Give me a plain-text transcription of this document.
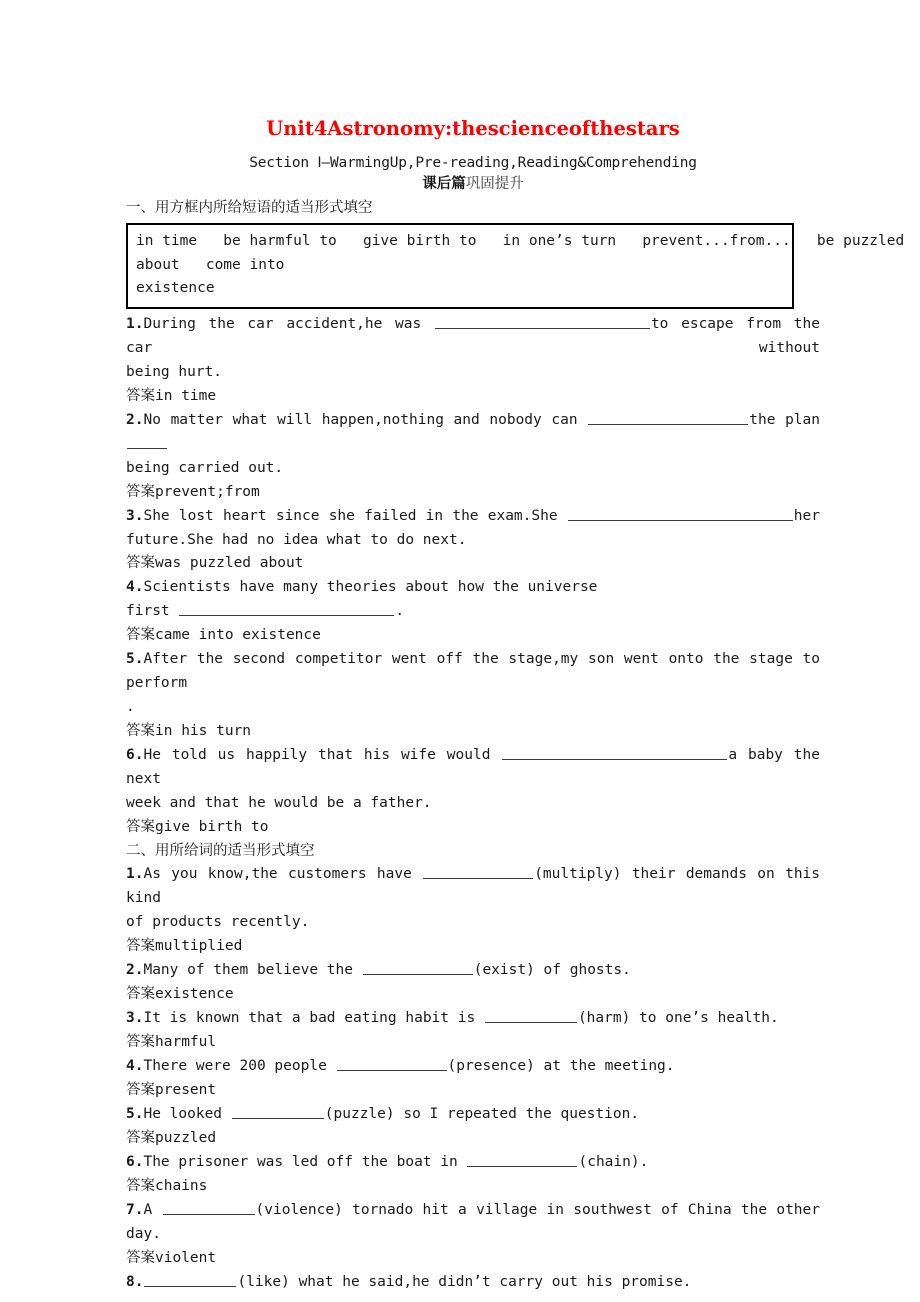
Unit4Astronomy:thescienceofthestars
Section Ⅰ—WarmingUp,Pre-reading,Reading&Comprehending
课后篇巩固提升
一、用方框内所给短语的适当形式填空
in time   be harmful to   give birth to   in one’s turn   prevent...from...   be puzzled
about   come into
existence
1.During the car accident,he was	to escape from the car without
being hurt.
答案in time
2.No matter what will happen,nothing and nobody can	the plan
being carried out.
答案prevent;from
3.She lost heart since she failed in the exam.She	her
future.She had no idea what to do next.
答案was puzzled about
4.Scientists have many theories about how the universe
first	.
答案came into existence
5.After the second competitor went off the stage,my son went onto the stage to perform
.
答案in his turn
6.He told us happily that his wife would	a baby the next
week and that he would be a father.
答案give birth to
二、用所给词的适当形式填空
1.As you know,the customers have	(multiply) their demands on this kind
of products recently.
答案multiplied
2.Many of them believe the	(exist) of ghosts.
答案existence
3.It is known that a bad eating habit is	(harm) to one’s health.
答案harmful
4.There were 200 people	(presence) at the meeting.
答案present
5.He looked	(puzzle) so I repeated the question.
答案puzzled
6.The prisoner was led off the boat in	(chain).
答案chains
7.A	(violence) tornado hit a village in southwest of China the other
day.
答案violent
8.	(like) what he said,he didn’t carry out his promise.
